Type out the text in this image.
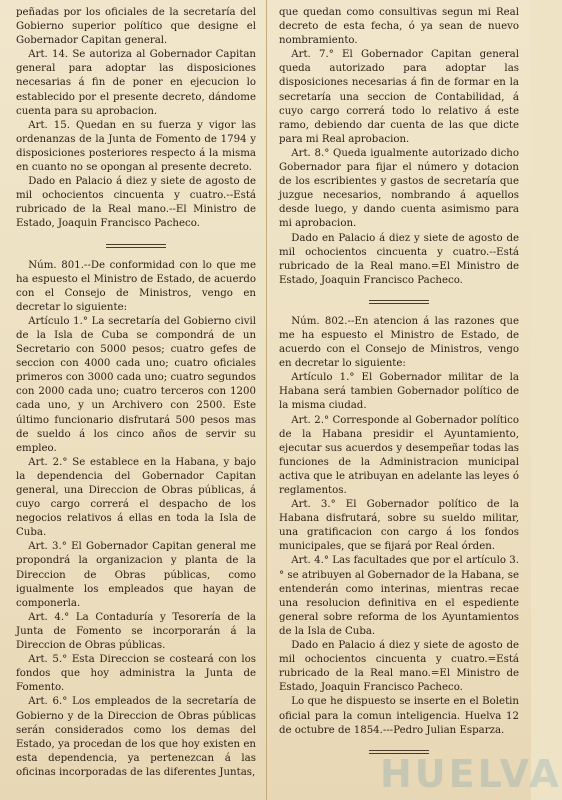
peñadas por los oficiales de la secretaría del Gobierno superior político que designe el Gobernador Capitan general.

Art. 14. Se autoriza al Gobernador Capitan general para adoptar las disposiciones necesarias á fin de poner en ejecucion lo establecido por el presente decreto, dándome cuenta para su aprobacion.

Art. 15. Quedan en su fuerza y vigor las ordenanzas de la Junta de Fomento de 1794 y disposiciones posteriores respecto á la misma en cuanto no se opongan al presente decreto.

Dado en Palacio á diez y siete de agosto de mil ochocientos cincuenta y cuatro.--Está rubricado de la Real mano.--El Ministro de Estado, Joaquin Francisco Pacheco.

Núm. 801.--De conformidad con lo que me ha espuesto el Ministro de Estado, de acuerdo con el Consejo de Ministros, vengo en decretar lo siguiente:

Artículo 1.° La secretaría del Gobierno civil de la Isla de Cuba se compondrá de un Secretario con 5000 pesos; cuatro gefes de seccion con 4000 cada uno; cuatro oficiales primeros con 3000 cada uno; cuatro segundos con 2000 cada uno; cuatro terceros con 1200 cada uno, y un Archivero con 2500. Este último funcionario disfrutará 500 pesos mas de sueldo á los cinco años de servir su empleo.

Art. 2.° Se establece en la Habana, y bajo la dependencia del Gobernador Capitan general, una Direccion de Obras públicas, á cuyo cargo correrá el despacho de los negocios relativos á ellas en toda la Isla de Cuba.

Art. 3.° El Gobernador Capitan general me propondrá la organizacion y planta de la Direccion de Obras públicas, como igualmente los empleados que hayan de componerla.

Art. 4.° La Contaduría y Tesorería de la Junta de Fomento se incorporarán á la Direccion de Obras públicas.

Art. 5.° Esta Direccion se costeará con los fondos que hoy administra la Junta de Fomento.

Art. 6.° Los empleados de la secretaría de Gobierno y de la Direccion de Obras públicas serán considerados como los demas del Estado, ya procedan de los que hoy existen en esta dependencia, ya pertenezcan á las oficinas incorporadas de las diferentes Juntas,

que quedan como consultivas segun mi Real decreto de esta fecha, ó ya sean de nuevo nombramiento.

Art. 7.° El Gobernador Capitan general queda autorizado para adoptar las disposiciones necesarias á fin de formar en la secretaría una seccion de Contabilidad, á cuyo cargo correrá todo lo relativo á este ramo, debiendo dar cuenta de las que dicte para mi Real aprobacion.

Art. 8.° Queda igualmente autorizado dicho Gobernador para fijar el número y dotacion de los escribientes y gastos de secretaría que juzgue necesarios, nombrando á aquellos desde luego, y dando cuenta asimismo para mi aprobacion.

Dado en Palacio á diez y siete de agosto de mil ochocientos cincuenta y cuatro.--Está rubricado de la Real mano.=El Ministro de Estado, Joaquin Francisco Pacheco.

Núm. 802.--En atencion á las razones que me ha espuesto el Ministro de Estado, de acuerdo con el Consejo de Ministros, vengo en decretar lo siguiente:

Artículo 1.° El Gobernador militar de la Habana será tambien Gobernador político de la misma ciudad.

Art. 2.° Corresponde al Gobernador político de la Habana presidir el Ayuntamiento, ejecutar sus acuerdos y desempeñar todas las funciones de la Administracion municipal activa que le atribuyan en adelante las leyes ó reglamentos.

Art. 3.° El Gobernador político de la Habana disfrutará, sobre su sueldo militar, una gratificacion con cargo á los fondos municipales, que se fijará por Real órden.

Art. 4.° Las facultades que por el artículo 3.° se atribuyen al Gobernador de la Habana, se entenderán como interinas, mientras recae una resolucion definitiva en el espediente general sobre reforma de los Ayuntamientos de la Isla de Cuba.

Dado en Palacio á diez y siete de agosto de mil ochocientos cincuenta y cuatro.=Está rubricado de la Real mano.=El Ministro de Estado, Joaquin Francisco Pacheco.

Lo que he dispuesto se inserte en el Boletin oficial para la comun inteligencia. Huelva 12 de octubre de 1854.---Pedro Julian Esparza.

HUELVA
